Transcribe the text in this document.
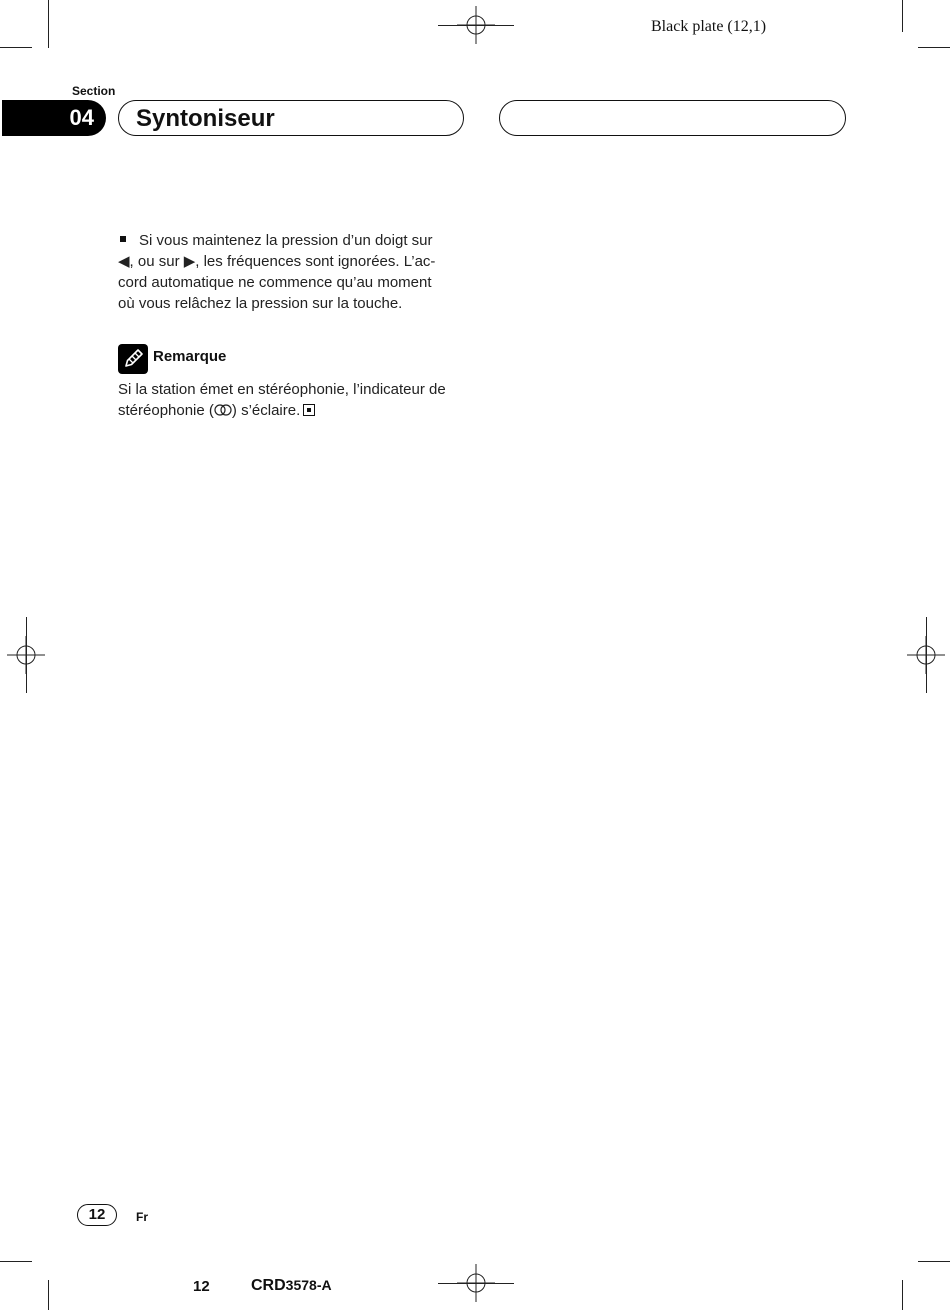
Black plate (12,1)
Section
04	Syntoniseur
Si vous maintenez la pression d’un doigt sur
◀, ou sur ▶, les fréquences sont ignorées. L’ac-
cord automatique ne commence qu’au moment
où vous relâchez la pression sur la touche.
Remarque
Si la station émet en stéréophonie, l’indicateur de
stéréophonie ( ) s’éclaire.
12	Fr
12	CRD3578-A
